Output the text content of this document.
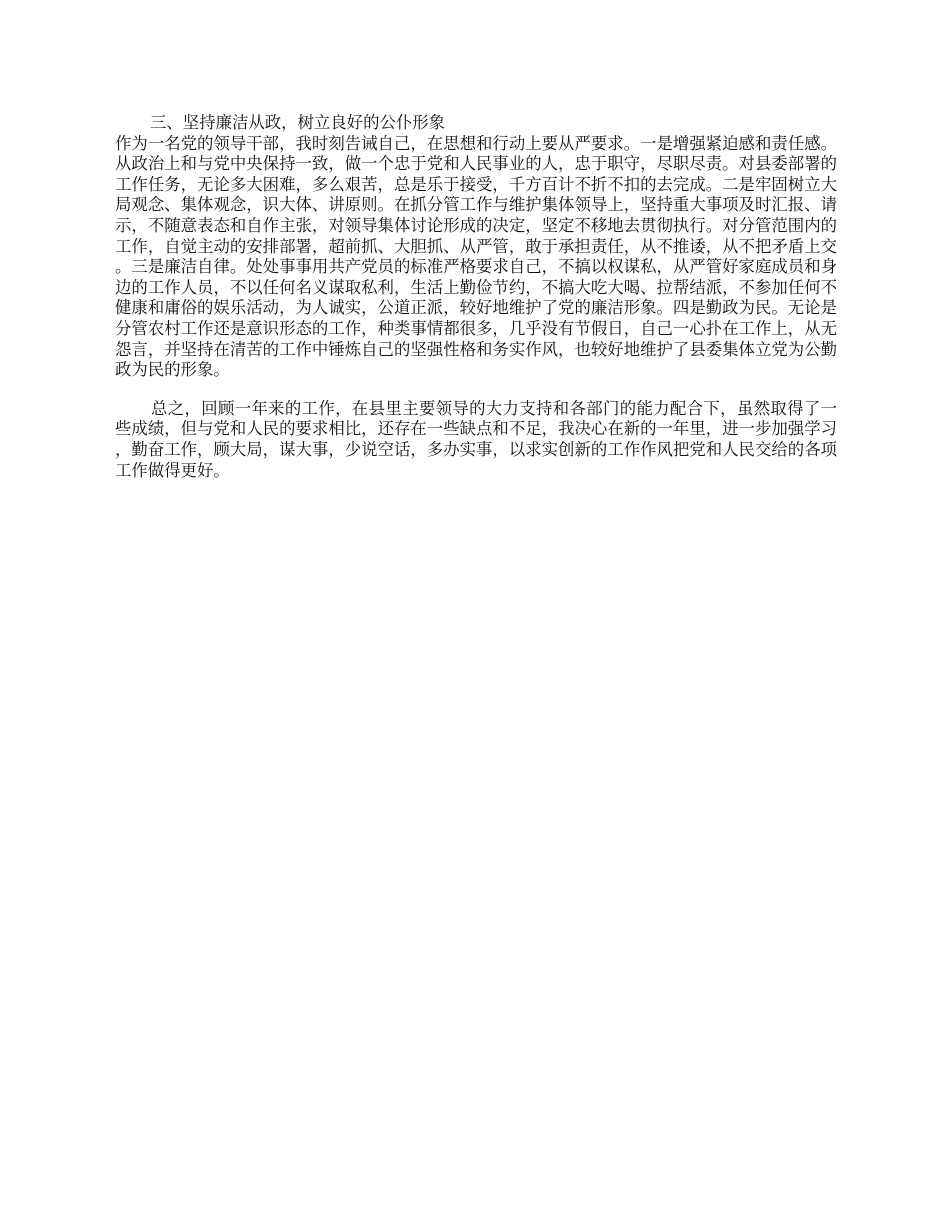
三、坚持廉洁从政，树立良好的公仆形象

作为一名党的领导干部，我时刻告诫自己，在思想和行动上要从严要求。一是增强紧迫感和责任感。从政治上和与党中央保持一致，做一个忠于党和人民事业的人，忠于职守，尽职尽责。对县委部署的工作任务，无论多大困难，多么艰苦，总是乐于接受，千方百计不折不扣的去完成。二是牢固树立大局观念、集体观念，识大体、讲原则。在抓分管工作与维护集体领导上，坚持重大事项及时汇报、请示，不随意表态和自作主张，对领导集体讨论形成的决定，坚定不移地去贯彻执行。对分管范围内的工作，自觉主动的安排部署，超前抓、大胆抓、从严管，敢于承担责任，从不推诿，从不把矛盾上交。三是廉洁自律。处处事事用共产党员的标准严格要求自己，不搞以权谋私，从严管好家庭成员和身边的工作人员，不以任何名义谋取私利，生活上勤俭节约，不搞大吃大喝、拉帮结派，不参加任何不健康和庸俗的娱乐活动，为人诚实，公道正派，较好地维护了党的廉洁形象。四是勤政为民。无论是分管农村工作还是意识形态的工作，种类事情都很多，几乎没有节假日，自己一心扑在工作上，从无怨言，并坚持在清苦的工作中锤炼自己的坚强性格和务实作风，也较好地维护了县委集体立党为公勤政为民的形象。

总之，回顾一年来的工作，在县里主要领导的大力支持和各部门的能力配合下，虽然取得了一些成绩，但与党和人民的要求相比，还存在一些缺点和不足，我决心在新的一年里，进一步加强学习，勤奋工作，顾大局，谋大事，少说空话，多办实事，以求实创新的工作作风把党和人民交给的各项工作做得更好。
